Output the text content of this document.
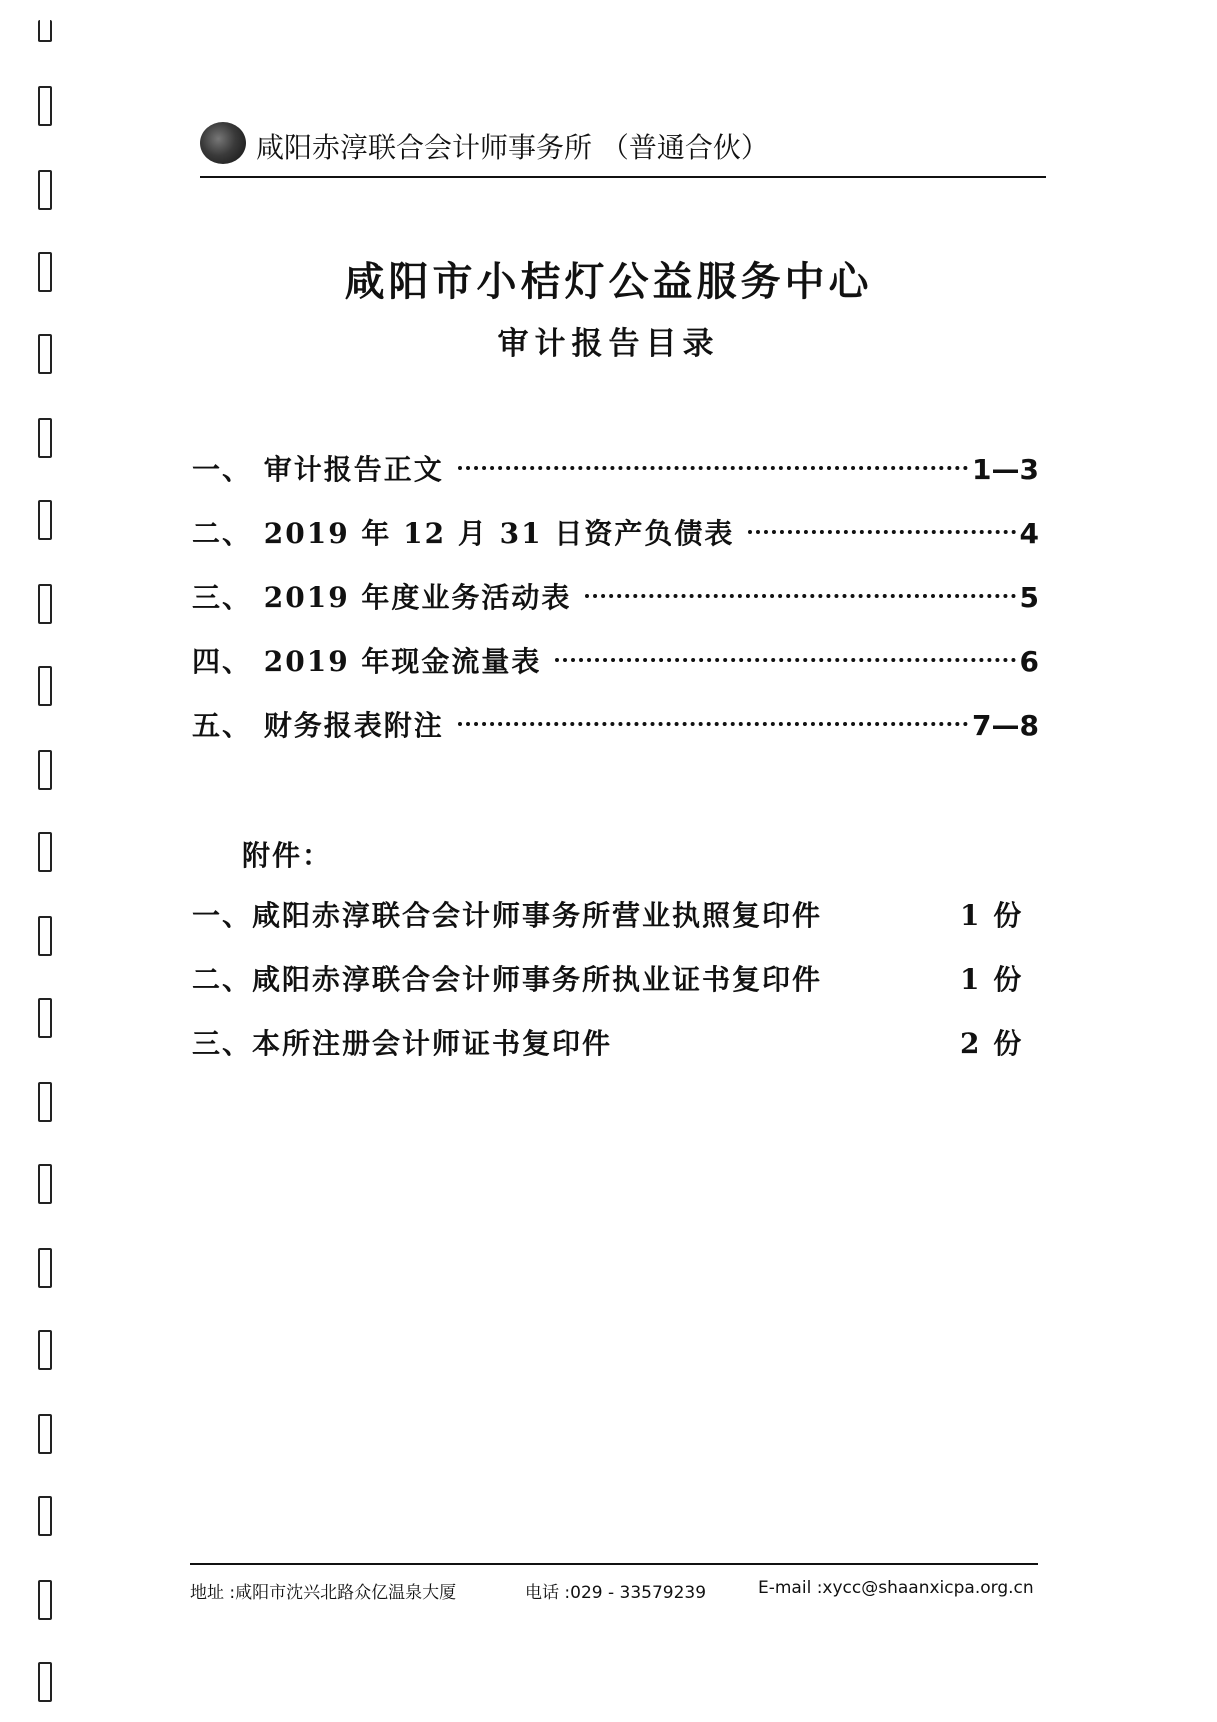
咸阳赤淳联合会计师事务所 （普通合伙）
咸阳市小桔灯公益服务中心
审计报告目录
一、 审计报告正文	1—3
二、 2019 年 12 月 31 日资产负债表	4
三、 2019 年度业务活动表	5
四、 2019 年现金流量表	6
五、 财务报表附注	7—8
附件：
一、咸阳赤淳联合会计师事务所营业执照复印件	1 份
二、咸阳赤淳联合会计师事务所执业证书复印件	1 份
三、本所注册会计师证书复印件	2 份
地址 :咸阳市沈兴北路众亿温泉大厦	电话 :029 - 33579239	E-mail :xycc@shaanxicpa.org.cn
